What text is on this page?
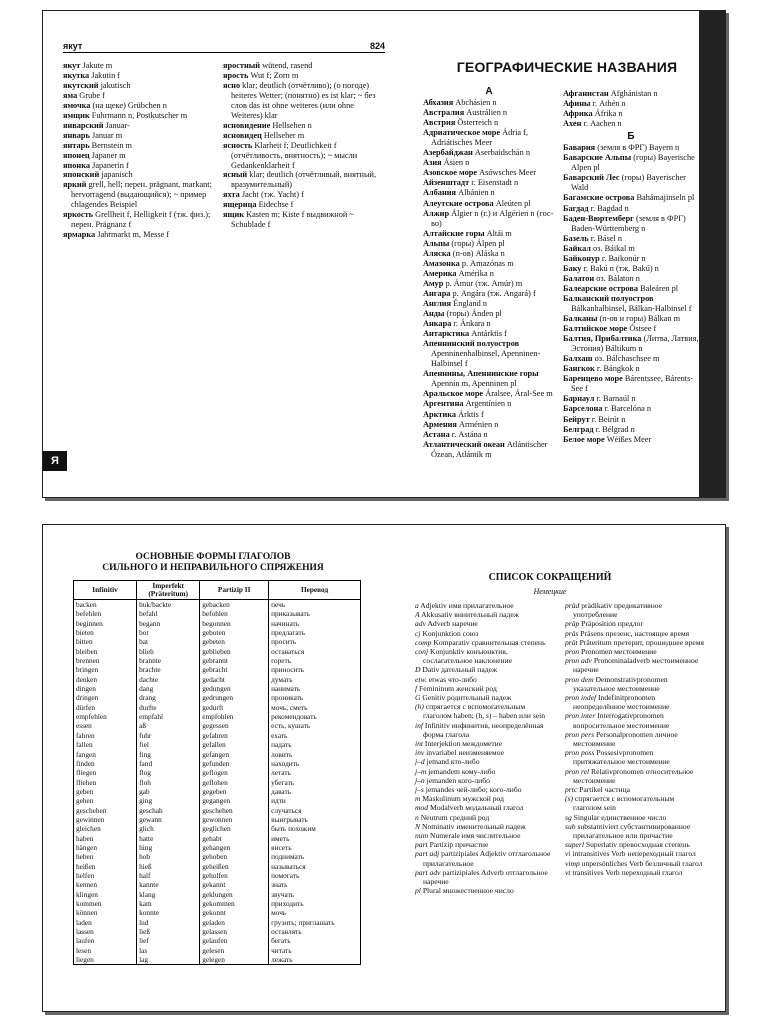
якут	824
якут Jakute m
якутка Jakutin f
якутский jakutisch
яма Grube f
ямочка (на щеке) Grübchen n
ямщик Fuhrmann n, Postkutscher m
январский Januar-
январь Januar m
янтарь Bernstein m
японец Japaner m
японка Japanerin f
японский japanisch
яркий grell, hell; перен. prägnant, markant; hervorragend (выдающийся); ~ пример chlagendes Beispiel
яркость Grellheit f, Helligkeit f (тж. физ.); перен. Prägnanz f
ярмарка Jahrmarkt m, Messe f
яростный wütend, rasend
ярость Wut f; Zorn m
ясно klar; deutlich (отчётливо); (о погоде) heiteres Wetter; (понятно) es ist klar; ~ без слов das ist ohne weiteres (или ohne Weiteres) klar
ясновидение Hellsehen n
ясновидец Hellseher m
ясность Klarheit f; Deutlichkeit f (отчётливость, внятность); ~ мысли Gedankenklarheit f
ясный klar; deutlich (отчётливый, внятный, вразумительный)
яхта Jacht (тж. Yacht) f
ящерица Eidechse f
ящик Kasten m; Kiste f выдвижной ~ Schublade f
ГЕОГРАФИЧЕСКИЕ НАЗВАНИЯ
А
Абхазия Abchásien n
Австралия Austrálien n
Австрия Österreich n
Адриатическое море Ádria f, Adriátisches Meer
Азербайджан Aserbaidschán n
Азия Ásien n
Азовское море Asówsches Meer
Айзенштадт г. Eisenstadt n
Албания Albánien n
Алеутские острова Aleúten pl
Алжир Álgier n (г.) и Algérien n (гос-во)
Алтайские горы Altái m
Альпы (горы) Álpen pl
Аляска (п-ов) Aláska n
Амазонка р. Amazónas m
Америка Amérika n
Амур р. Ámur (тж. Amúr) m
Ангара р. Angára (тж. Angará) f
Англия Éngland n
Анды (горы) Ánden pl
Анкара г. Ánkara n
Антарктика Antárktis f
Апеннинский полуостров Apenninenhalbinsel, Apenninen-Halbinsel f
Апеннины, Апеннинские горы Apennín m, Apenninen pl
Аральское море Áralsee, Áral-See m
Аргентина Argentínien n
Арктика Árktis f
Армения Arménien n
Астана г. Astána n
Атлантический океан Atlántischer Ózean, Atlántik m
Афганистан Afghánistan n
Афины г. Athén n
Африка Áfrika n
Ахен г. Aachen n
Б
Бавария (земля в ФРГ) Bayern n
Баварские Альпы (горы) Bayerische Alpen pl
Баварский Лес (горы) Bayerischer Wald
Багамские острова Bahámajinseln pl
Багдад г. Bagdad n
Баден-Вюртемберг (земля в ФРГ) Baden-Württemberg n
Базель г. Básel n
Байкал оз. Báikal m
Байконур г. Baikonúr n
Баку г. Bakú n (тж. Bakú) n
Балатон оз. Bálaton n
Балеарские острова Baleáren pl
Балканский полуостров Bálkanhalbinsel, Bálkan-Halbinsel f
Балканы (п-ов и горы) Bálkan m
Балтийское море Óstsee f
Балтия, Прибалтика (Литва, Латвия, Эстония) Báltikum n
Балхаш оз. Bálchaschsee m
Бангкок г. Bángkok n
Баренцево море Bárentssee, Bárents-See f
Барнаул г. Barnaúl n
Барселона г. Barcelóna n
Бейрут г. Beirút n
Белград г. Bélgrad n
Белое море Wéißes Meer
Я
ОСНОВНЫЕ ФОРМЫ ГЛАГОЛОВ
СИЛЬНОГО И НЕПРАВИЛЬНОГО СПРЯЖЕНИЯ
Infinitiv	Imperfekt (Präteritum)	Partizip II	Перевод
backen	buk/backte	gebacken	печь
befehlen	befahl	befohlen	приказывать
beginnen	begann	begonnen	начинать
bieten	bot	geboten	предлагать
bitten	bat	gebeten	просить
bleiben	blieb	geblieben	оставаться
brennen	brannte	gebrannt	гореть
bringen	brachte	gebracht	приносить
denken	dachte	gedacht	думать
dingen	dang	gedungen	нанимать
dringen	drang	gedrungen	проникать
dürfen	durfte	gedurft	мочь, сметь
empfehlen	empfahl	empfohlen	рекомендовать
essen	aß	gegessen	есть, кушать
fahren	fuhr	gefahren	ехать
fallen	fiel	gefallen	падать
fangen	fing	gefangen	ловить
finden	fand	gefunden	находить
fliegen	flog	geflogen	летать
fliehen	floh	geflohen	убегать
geben	gab	gegeben	давать
gehen	ging	gegangen	идти
geschehen	geschah	geschehen	случаться
gewinnen	gewann	gewonnen	выигрывать
gleichen	glich	geglichen	быть похожим
haben	hatte	gehabt	иметь
hängen	hing	gehangen	висеть
heben	hob	gehoben	поднимать
heißen	hieß	geheißen	называться
helfen	half	geholfen	помогать
kennen	kannte	gekannt	знать
klingen	klang	geklungen	звучать
kommen	kam	gekommen	приходить
können	konnte	gekonnt	мочь
laden	lud	geladen	грузить; приглашать
lassen	ließ	gelassen	оставлять
laufen	lief	gelaufen	бегать
lesen	las	gelesen	читать
liegen	lag	gelegen	лежать
СПИСОК СОКРАЩЕНИЙ
Немецкие
a Adjektiv имя прилагательное
A Akkusativ винительный падеж
adv Adverb наречие
cj Konjunktion союз
comp Komparativ сравнительная степень
conj Konjunktiv конъюнктив, сослагательное наклонение
D Dativ дательный падеж
etw. etwas что-либо
f Femininum женский род
G Genitiv родительный падеж
(h) спрягается с вспомогательным глаголом haben; (h, s) – haben или sein
inf Infinitiv инфинитив, неопределённая форма глагола
int Interjektion междометие
inv invariabel неизменяемое
j–d jemand кто-либо
j–m jemandem кому-либо
j–n jemanden кого-либо
j–s jemandes чей-либо; кого-либо
m Maskulinum мужской род
mod Modalverb модальный глагол
n Neutrum средний род
N Nominativ именительный падеж
num Numerale имя числительное
part Partizip причастие
part adj partizipiales Adjektiv отглагольное прилагательное
part adv partizipiales Adverb отглагольное наречие
pl Plural множественное число
präd prädikativ предикативное употребление
präp Präposition предлог
präs Präsens презенс, настоящее время
prät Präteritum претерит, прошедшее время
pron Pronomen местоимение
pron adv Pronominaladverb местоименное наречие
pron dem Demonstrativpronomen указательное местоимение
pron indef Indefinitpronomen неопределённое местоимение
pron inter Interrogativpronomen вопросительное местоимение
pron pers Personalpronomen личное местоимение
pron poss Possesivpronomen притяжательное местоимение
pron rel Relativpronomen относительное местоимение
prtc Partikel частица
(s) спрягается с вспомогательным глаголом sein
sg Singular единственное число
sub substantiviert субстантивированное прилагательное или причастие
superl Superlativ превосходная степень
vi intransitives Verb непереходный глагол
vimp unpersönliches Verb безличный глагол
vt transitives Verb переходный глагол
